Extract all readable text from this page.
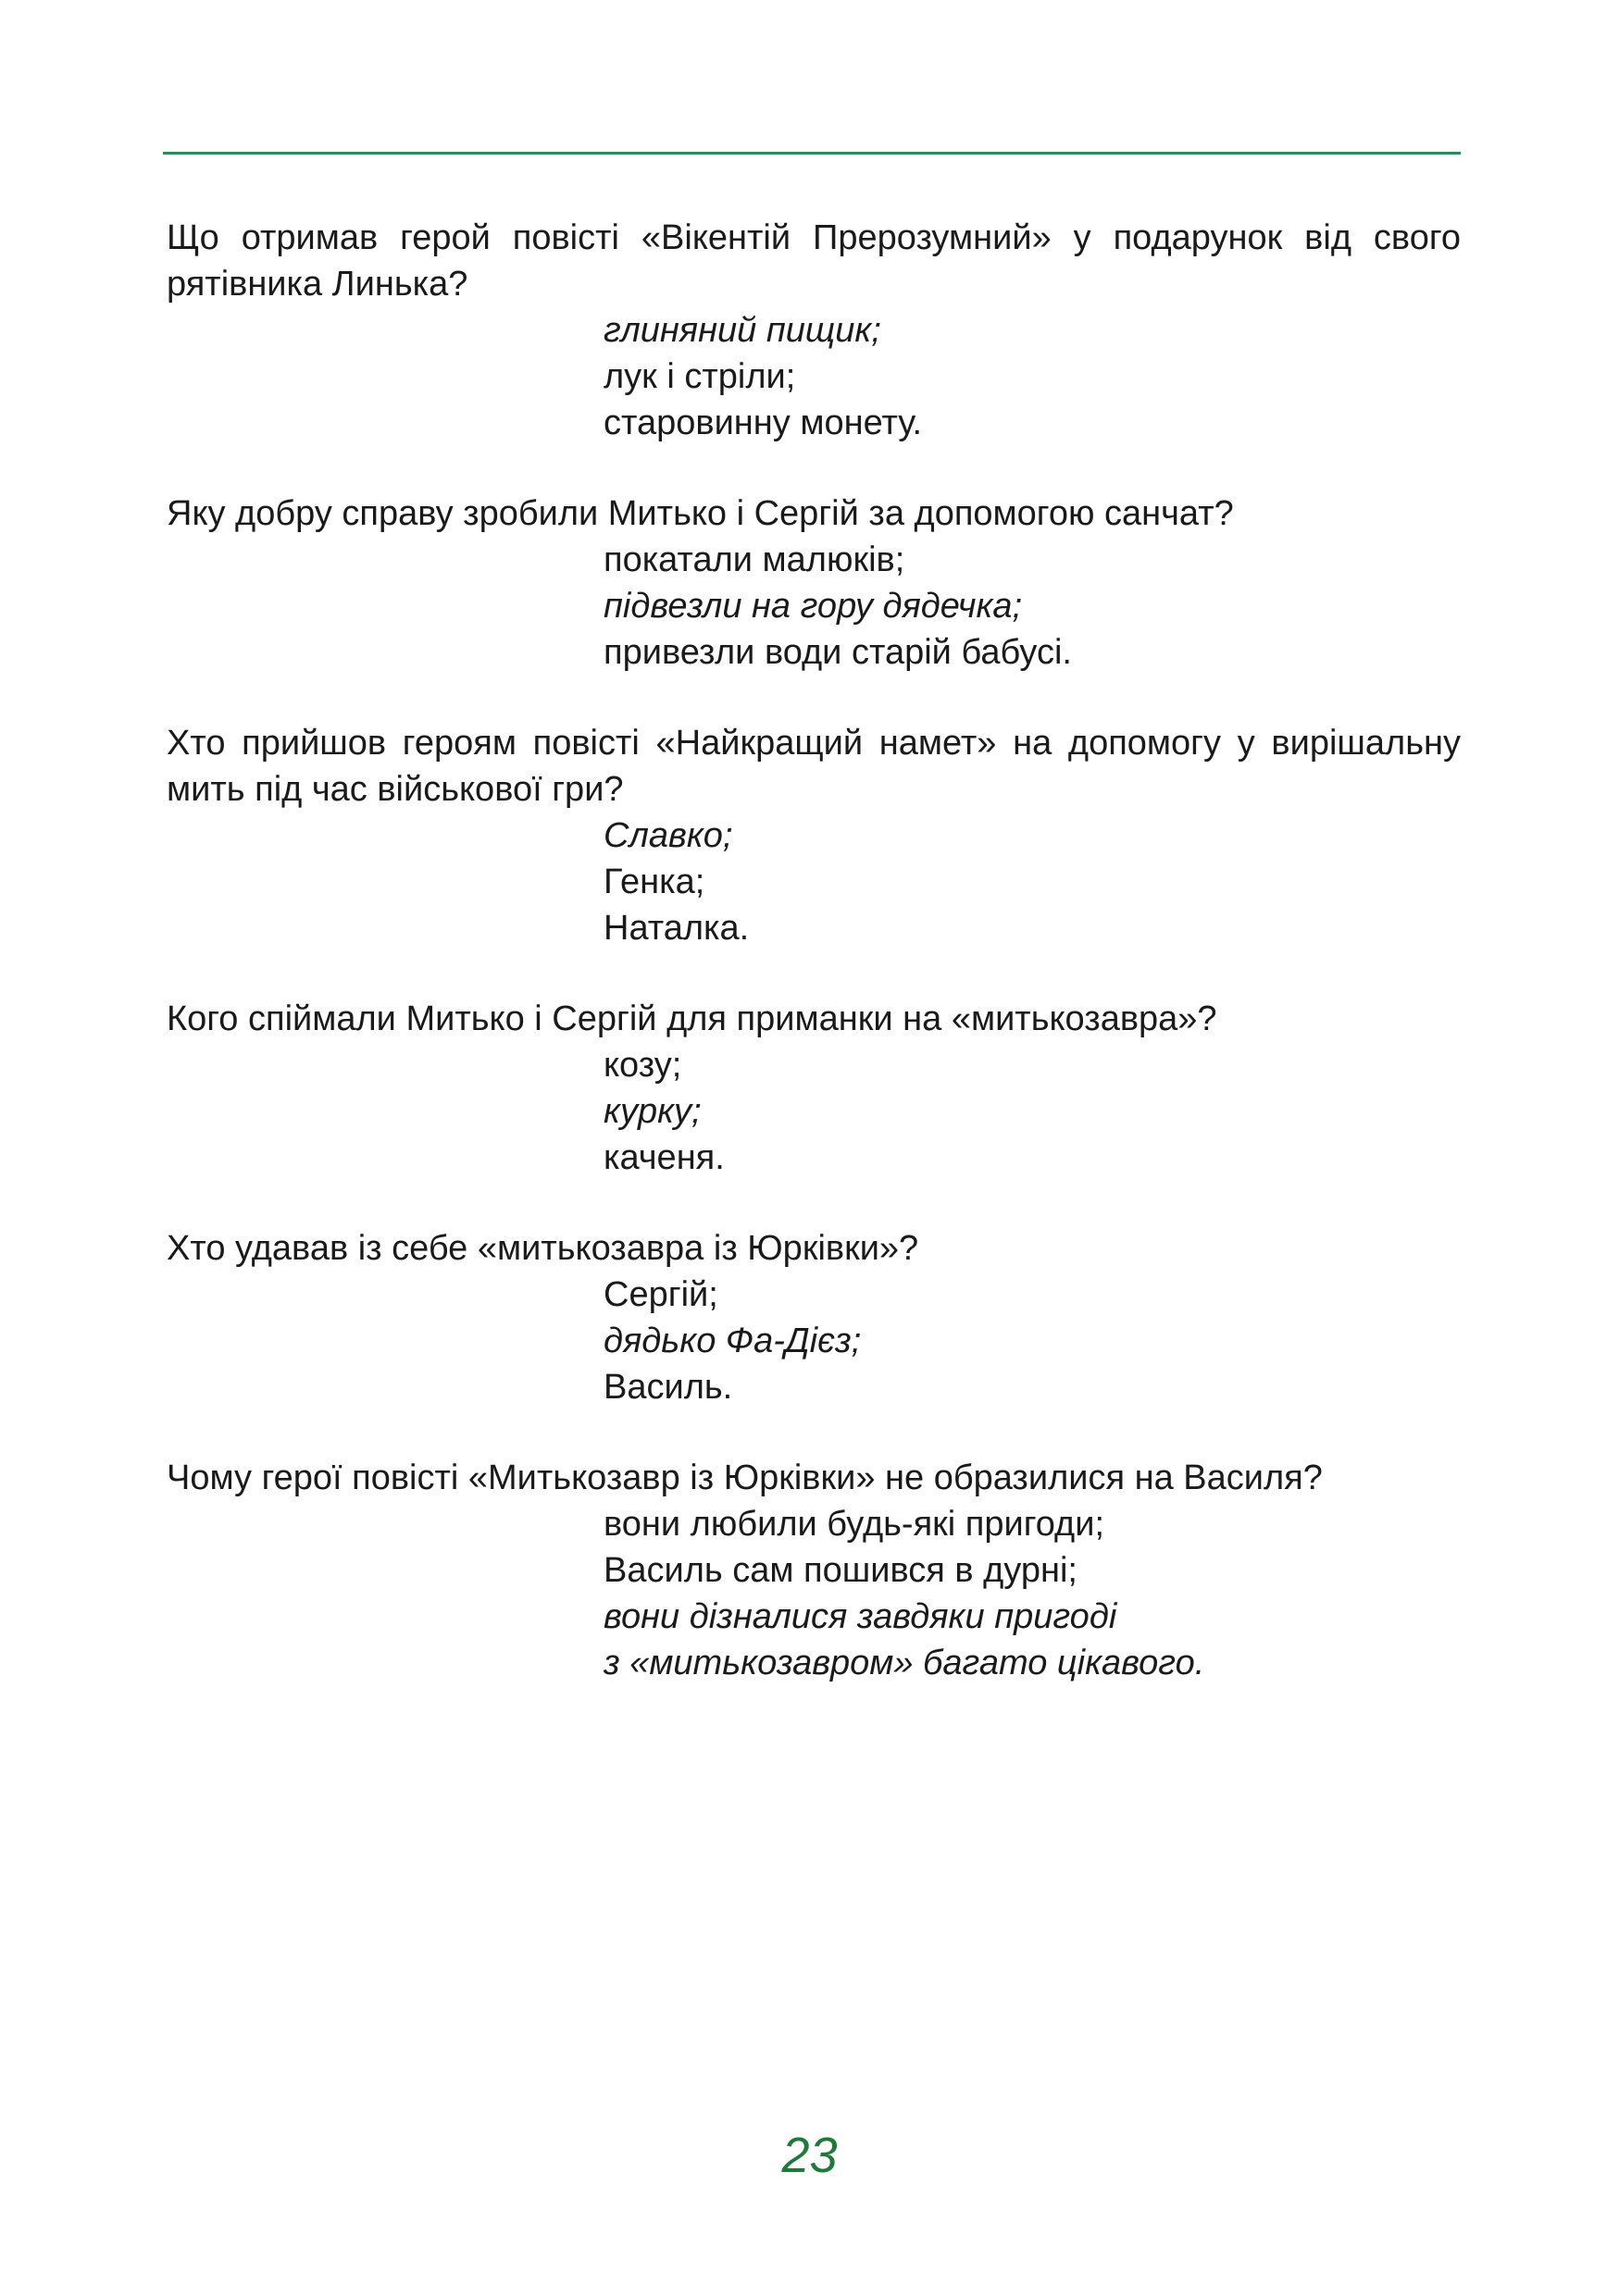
Що отримав герой повісті «Вікентій Прерозумний» у подарунок від свого рятівника Линька?

глиняний пищик;
лук і стріли;
старовинну монету.

Яку добру справу зробили Митько і Сергій за допомогою санчат?

покатали малюків;
підвезли на гору дядечка;
привезли води старій бабусі.

Хто прийшов героям повісті «Найкращий намет» на допомогу у вирішальну мить під час військової гри?

Славко;
Генка;
Наталка.

Кого спіймали Митько і Сергій для приманки на «митькозавра»?

козу;
курку;
каченя.

Хто удавав із себе «митькозавра із Юрківки»?

Сергій;
дядько Фа-Дієз;
Василь.

Чому герої повісті «Митькозавр із Юрківки» не образилися на Василя?

вони любили будь-які пригоди;
Василь сам пошився в дурні;
вони дізналися завдяки пригоді
з «митькозавром» багато цікавого.
23
